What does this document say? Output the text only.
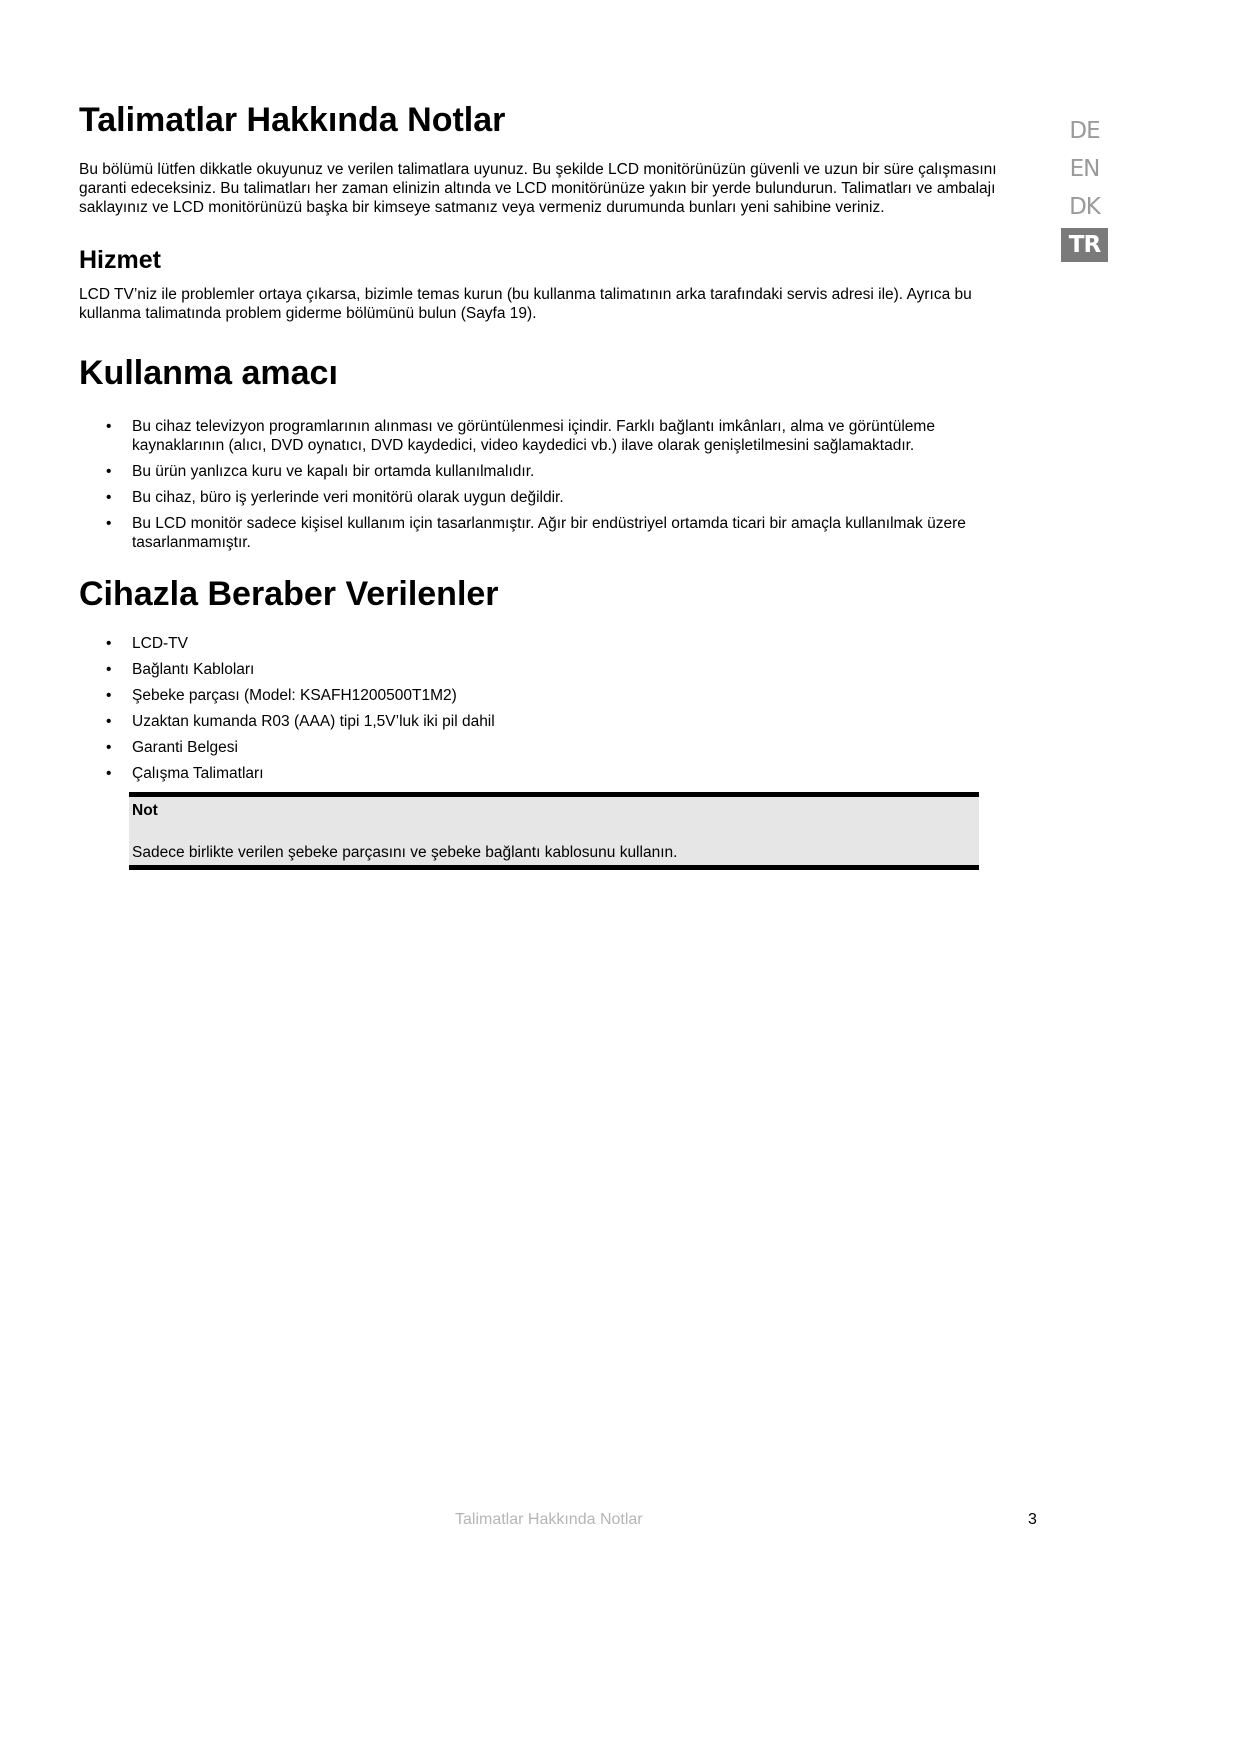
Talimatlar Hakkında Notlar

Bu bölümü lütfen dikkatle okuyunuz ve verilen talimatlara uyunuz. Bu şekilde LCD monitörünüzün güvenli ve uzun bir süre çalışmasını garanti edeceksiniz. Bu talimatları her zaman elinizin altında ve LCD monitörünüze yakın bir yerde bulundurun. Talimatları ve ambalajı saklayınız ve LCD monitörünüzü başka bir kimseye satmanız veya vermeniz durumunda bunları yeni sahibine veriniz.

Hizmet

LCD TV’niz ile problemler ortaya çıkarsa, bizimle temas kurun (bu kullanma talimatının arka tarafındaki servis adresi ile). Ayrıca bu kullanma talimatında problem giderme bölümünü bulun (Sayfa 19).

Kullanma amacı
• Bu cihaz televizyon programlarının alınması ve görüntülenmesi içindir. Farklı bağlantı imkânları, alma ve görüntüleme kaynaklarının (alıcı, DVD oynatıcı, DVD kaydedici, video kaydedici vb.) ilave olarak genişletilmesini sağlamaktadır.
• Bu ürün yanlızca kuru ve kapalı bir ortamda kullanılmalıdır.
• Bu cihaz, büro iş yerlerinde veri monitörü olarak uygun değildir.
• Bu LCD monitör sadece kişisel kullanım için tasarlanmıştır. Ağır bir endüstriyel ortamda ticari bir amaçla kullanılmak üzere tasarlanmamıştır.
Cihazla Beraber Verilenler
• LCD-TV
• Bağlantı Kabloları
• Şebeke parçası (Model: KSAFH1200500T1M2)
• Uzaktan kumanda R03 (AAA) tipi 1,5V’luk iki pil dahil
• Garanti Belgesi
• Çalışma Talimatları
Not
Sadece birlikte verilen şebeke parçasını ve şebeke bağlantı kablosunu kullanın.
DE
EN
DK
TR
Talimatlar Hakkında Notlar	3
